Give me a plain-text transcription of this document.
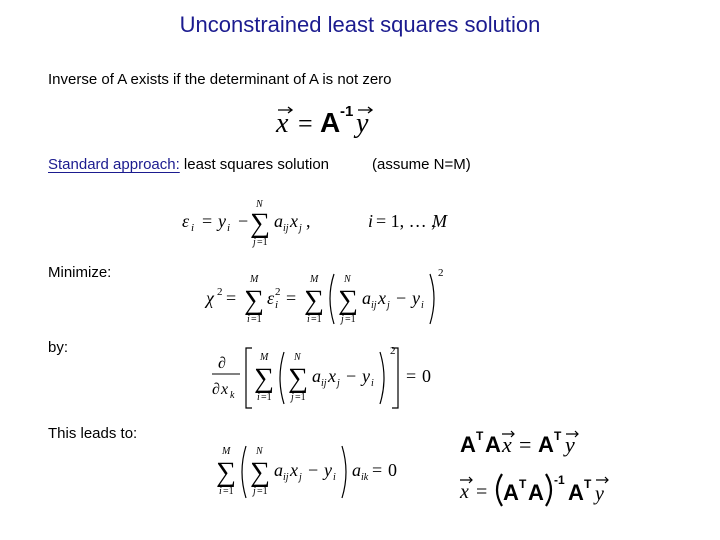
Unconstrained least squares solution
Inverse of A exists if the determinant of A is not zero
x = A -1 y
Standard approach: least squares solution	(assume N=M)
ε i = y i −
N
∑
j =1
a ij x j ,	i = 1, … ,
M
Minimize:
χ 2 =
M
∑
i =1
ε i
2 =
M
∑
i =1
N
∑
j =1
a ij x j − y i
2
by:
∂
∂ x k
M
∑
i =1
N
∑
j =1
a ij x j − y i
2
= 0
This leads to:
M
∑
i =1
N
∑
j =1
a ij x j − y i a ik = 0
A T A x = A T y
x = A T A -1 A T y
